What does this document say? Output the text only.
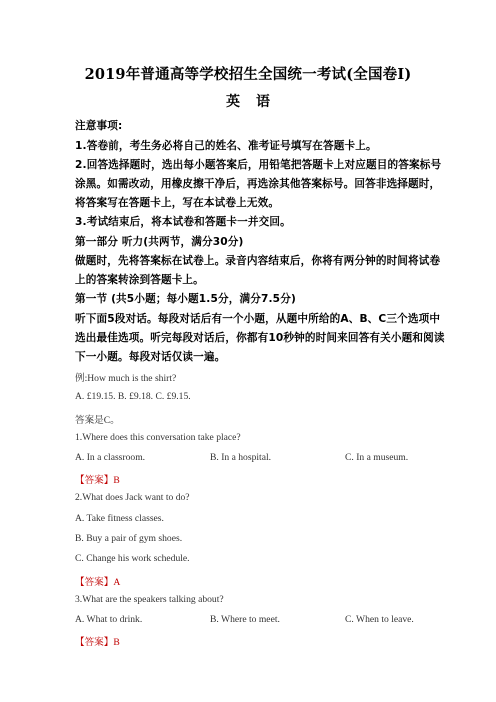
2019年普通高等学校招生全国统一考试(全国卷I)
英语
注意事项:
1.答卷前，考生务必将自己的姓名、准考证号填写在答题卡上。
2.回答选择题时，选出每小题答案后，用铅笔把答题卡上对应题目的答案标号
涂黑。如需改动，用橡皮擦干净后，再选涂其他答案标号。回答非选择题时，
将答案写在答题卡上，写在本试卷上无效。
3.考试结束后，将本试卷和答题卡一并交回。
第一部分 听力(共两节，满分30分)
做题时，先将答案标在试卷上。录音内容结束后，你将有两分钟的时间将试卷
上的答案转涂到答题卡上。
第一节 (共5小题；每小题1.5分，满分7.5分)
听下面5段对话。每段对话后有一个小题，从题中所给的A、B、C三个选项中
选出最佳选项。听完每段对话后，你都有10秒钟的时间来回答有关小题和阅读
下一小题。每段对话仅读一遍。
例:How much is the shirt?
A. £19.15. B. £9.18. C. £9.15.
答案是C。
1.Where does this conversation take place?
A. In a classroom.	B. In a hospital.	C. In a museum.
【答案】B
2.What does Jack want to do?
A. Take fitness classes.
B. Buy a pair of gym shoes.
C. Change his work schedule.
【答案】A
3.What are the speakers talking about?
A. What to drink.	B. Where to meet.	C. When to leave.
【答案】B
